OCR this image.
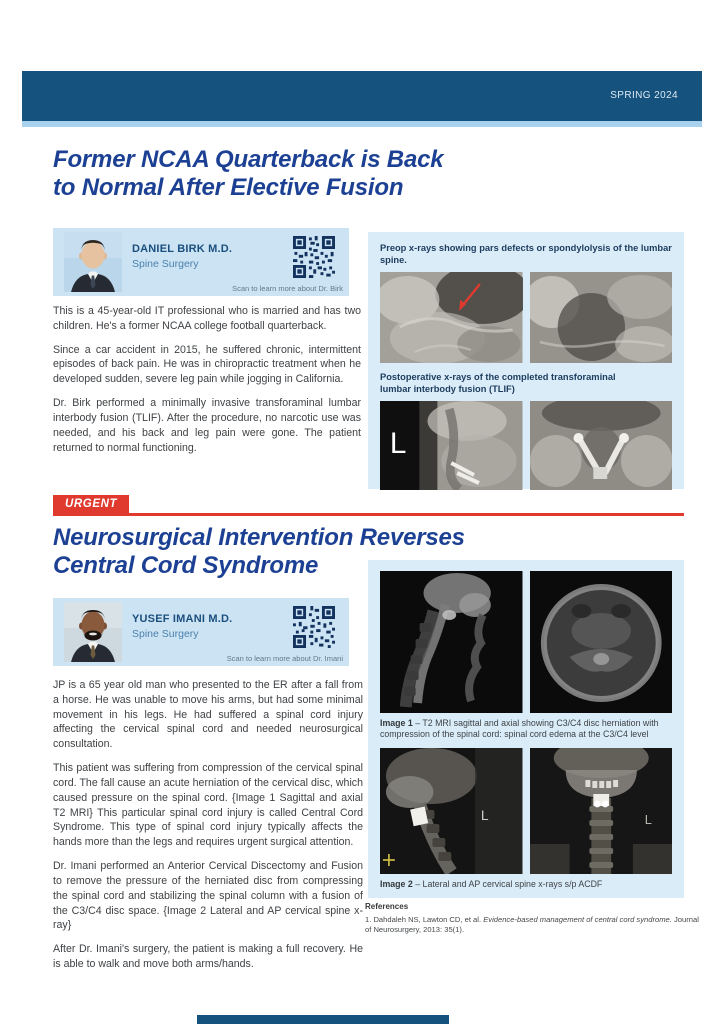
SPRING 2024
Former NCAA Quarterback is Back
to Normal After Elective Fusion
DANIEL BIRK M.D.
Spine Surgery
Scan to learn more about Dr. Birk

This is a 45-year-old IT professional who is married and has two children. He's a former NCAA college football quarterback.

Since a car accident in 2015, he suffered chronic, intermittent episodes of back pain. He was in chiropractic treatment when he developed sudden, severe leg pain while jogging in California.

Dr. Birk performed a minimally invasive transforaminal lumbar interbody fusion (TLIF). After the procedure, no narcotic use was needed, and his back and leg pain were gone. The patient returned to normal functioning.

Preop x-rays showing pars defects or spondylolysis of the lumbar spine.
Postoperative x-rays of the completed transforaminal lumbar interbody fusion (TLIF)
L
URGENT
Neurosurgical Intervention Reverses
Central Cord Syndrome
YUSEF IMANI M.D.
Spine Surgery
Scan to learn more about Dr. Imani

JP is a 65 year old man who presented to the ER after a fall from a horse. He was unable to move his arms, but had some minimal movement in his legs. He had suffered a spinal cord injury affecting the cervical spinal cord and needed neurosurgical consultation.

This patient was suffering from compression of the cervical spinal cord. The fall cause an acute herniation of the cervical disc, which caused pressure on the spinal cord. {Image 1 Sagittal and axial T2 MRI} This particular spinal cord injury is called Central Cord Syndrome. This type of spinal cord injury typically affects the hands more than the legs and requires urgent surgical attention.

Dr. Imani performed an Anterior Cervical Discectomy and Fusion to remove the pressure of the herniated disc from compressing the spinal cord and stabilizing the spinal column with a fusion of the C3/C4 disc space. {Image 2 Lateral and AP cervical spine x-ray}

After Dr. Imani's surgery, the patient is making a full recovery. He is able to walk and move both arms/hands.

Image 1 – T2 MRI sagittal and axial showing C3/C4 disc herniation with compression of the spinal cord: spinal cord edema at the C3/C4 level
L	L
Image 2 – Lateral and AP cervical spine x-rays s/p ACDF
References
1. Dahdaleh NS, Lawton CD, et al. Evidence-based management of central cord syndrome. Journal of Neurosurgery, 2013: 35(1).
